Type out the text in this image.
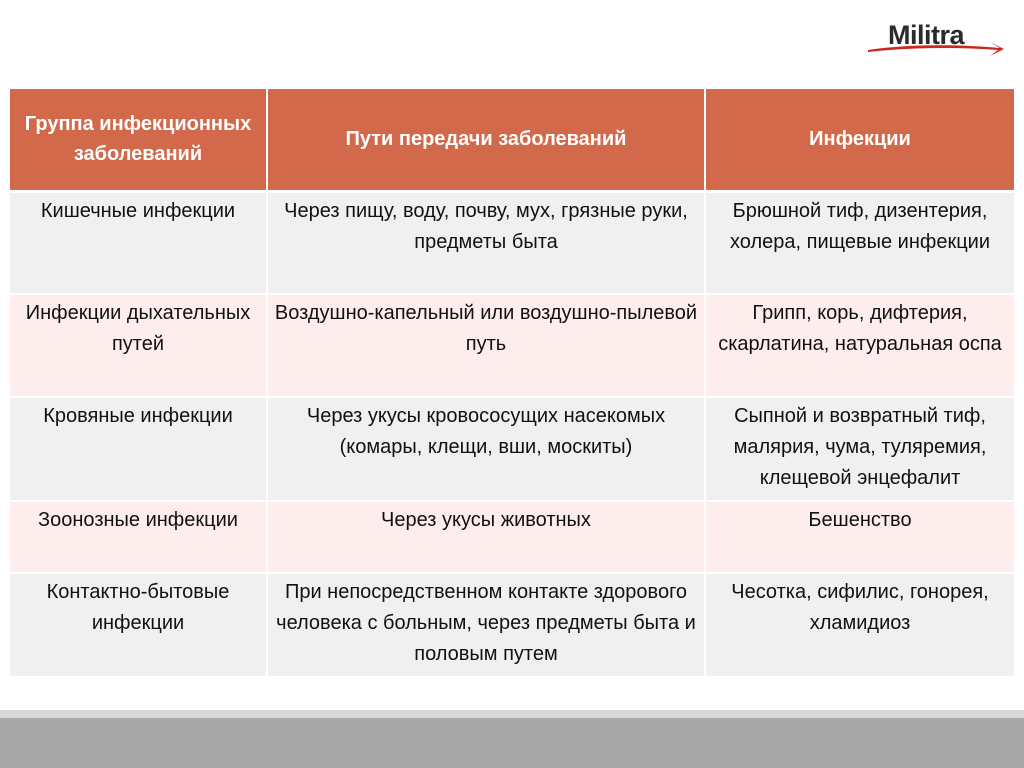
Militra
Группа инфекционных заболеваний	Пути передачи заболеваний	Инфекции
Кишечные инфекции	Через пищу, воду, почву, мух, грязные руки, предметы быта	Брюшной тиф, дизентерия, холера, пищевые инфекции
Инфекции дыхательных путей	Воздушно-капельный или воздушно-пылевой путь	Грипп, корь, дифтерия, скарлатина, натуральная оспа
Кровяные инфекции	Через укусы кровососущих насекомых (комары, клещи, вши, москиты)	Сыпной и возвратный тиф, малярия, чума, туляремия, клещевой энцефалит
Зоонозные инфекции	Через укусы животных	Бешенство
Контактно-бытовые инфекции	При непосредственном контакте здорового человека с больным, через предметы быта и половым путем	Чесотка, сифилис, гонорея, хламидиоз
